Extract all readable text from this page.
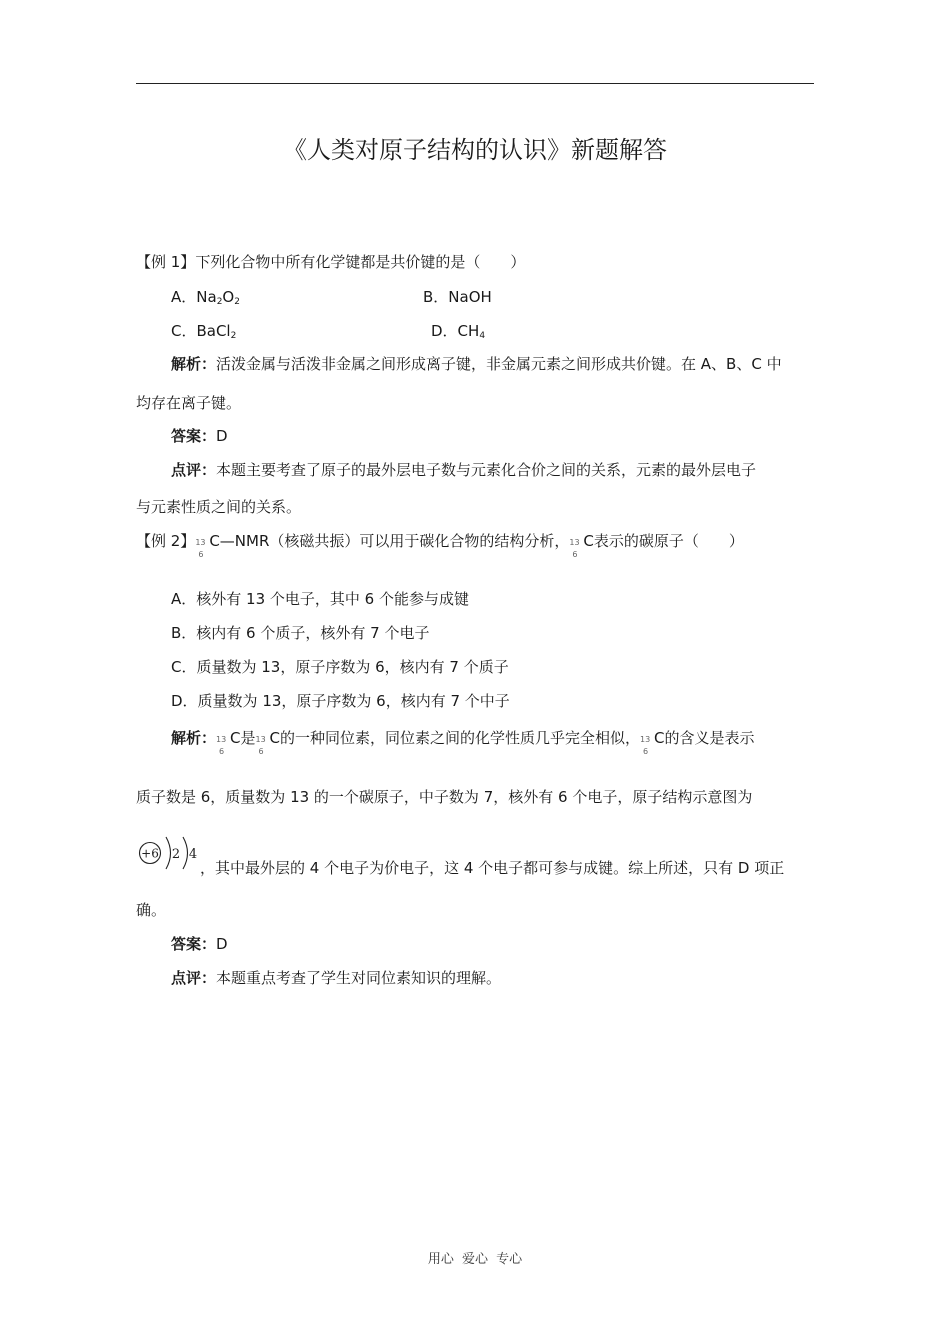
《人类对原子结构的认识》新题解答
【例 1】下列化合物中所有化学键都是共价键的是（　　）
A．$Na_2O_2$	B．NaOH
C．BaCl$_2$	D．$CH_4$
解析：活泼金属与活泼非金属之间形成离子键，非金属元素之间形成共价键。在 A、B、C 中
均存在离子键。
答案：D
点评：本题主要考查了原子的最外层电子数与元素化合价之间的关系，元素的最外层电子
与元素性质之间的关系。
【例 2】 13
6
C—NMR（核磁共振）可以用于碳化合物的结构分析， 13
6
C表示的碳原子（　　）
A．核外有 13 个电子，其中 6 个能参与成键
B．核内有 6 个质子，核外有 7 个电子
C．质量数为 13，原子序数为 6，核内有 7 个质子
D．质量数为 13，原子序数为 6，核内有 7 个中子
解析： 13
6
C是 13
6
C的一种同位素，同位素之间的化学性质几乎完全相似， 13
6
C的含义是表示
质子数是 6，质量数为 13 的一个碳原子，中子数为 7，核外有 6 个电子，原子结构示意图为
+6 2 4
，其中最外层的 4 个电子为价电子，这 4 个电子都可参与成键。综上所述，只有 D 项正
确。
答案：D
点评：本题重点考查了学生对同位素知识的理解。
用心 爱心 专心
